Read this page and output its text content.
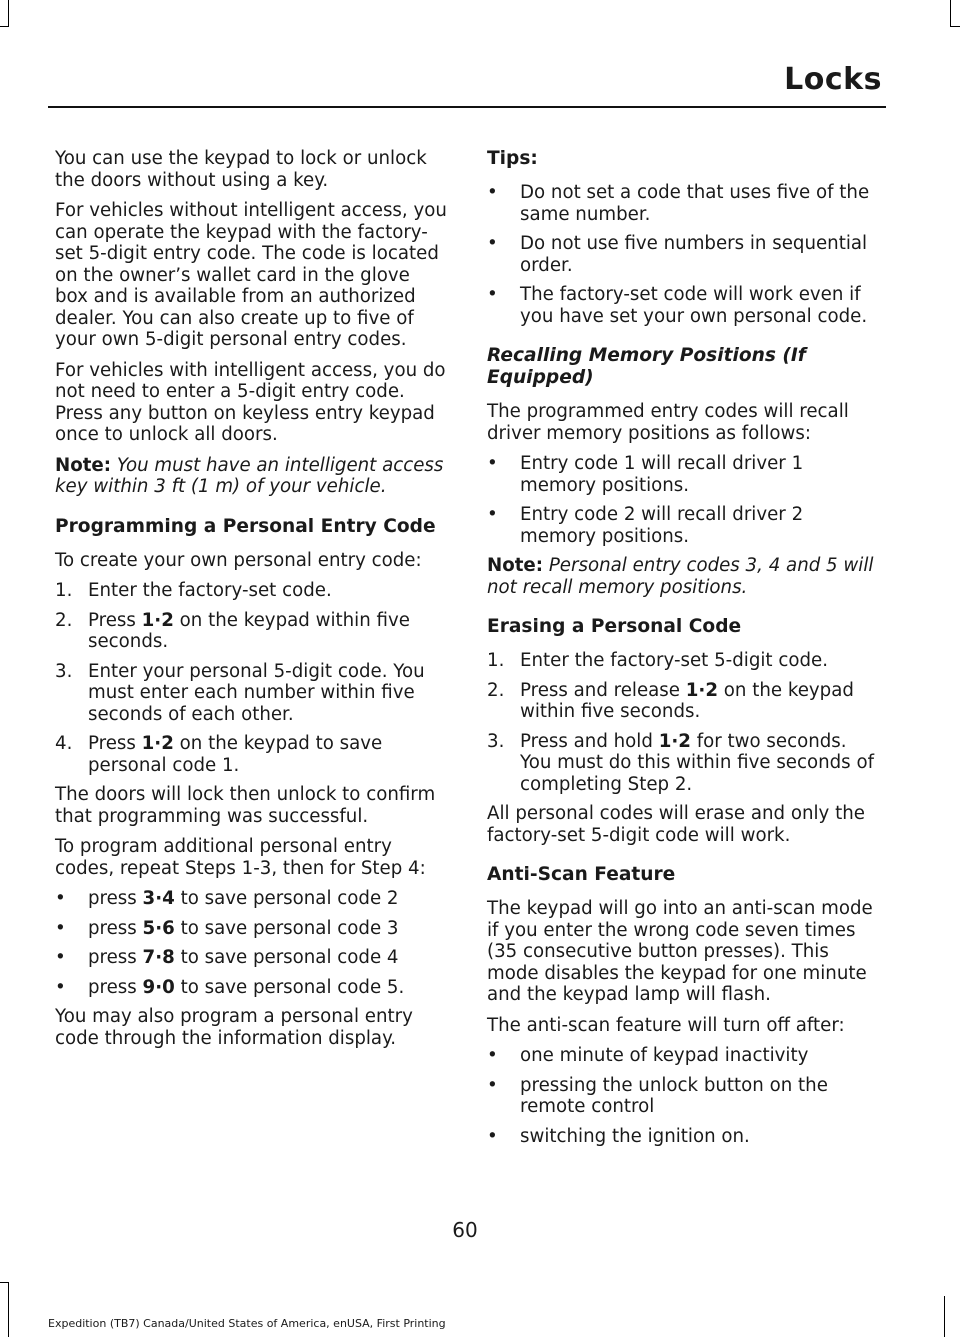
Locks

You can use the keypad to lock or unlock the doors without using a key.

For vehicles without intelligent access, you can operate the keypad with the factory-set 5-digit entry code. The code is located on the owner’s wallet card in the glove box and is available from an authorized dealer. You can also create up to five of your own 5-digit personal entry codes.

For vehicles with intelligent access, you do not need to enter a 5-digit entry code. Press any button on keyless entry keypad once to unlock all doors.

Note: You must have an intelligent access key within 3 ft (1 m) of your vehicle.

Programming a Personal Entry Code

To create your own personal entry code:

1. Enter the factory-set code.
2. Press 1·2 on the keypad within five seconds.
3. Enter your personal 5-digit code. You must enter each number within five seconds of each other.
4. Press 1·2 on the keypad to save personal code 1.

The doors will lock then unlock to confirm that programming was successful.

To program additional personal entry codes, repeat Steps 1-3, then for Step 4:

• press 3·4 to save personal code 2
• press 5·6 to save personal code 3
• press 7·8 to save personal code 4
• press 9·0 to save personal code 5.

You may also program a personal entry code through the information display.

Tips:
• Do not set a code that uses five of the same number.
• Do not use five numbers in sequential order.
• The factory-set code will work even if you have set your own personal code.
Recalling Memory Positions (If Equipped)

The programmed entry codes will recall driver memory positions as follows:

• Entry code 1 will recall driver 1 memory positions.
• Entry code 2 will recall driver 2 memory positions.

Note: Personal entry codes 3, 4 and 5 will not recall memory positions.

Erasing a Personal Code
1. Enter the factory-set 5-digit code.
2. Press and release 1·2 on the keypad within five seconds.
3. Press and hold 1·2 for two seconds. You must do this within five seconds of completing Step 2.

All personal codes will erase and only the factory-set 5-digit code will work.

Anti-Scan Feature

The keypad will go into an anti-scan mode if you enter the wrong code seven times (35 consecutive button presses). This mode disables the keypad for one minute and the keypad lamp will flash.

The anti-scan feature will turn off after:

• one minute of keypad inactivity
• pressing the unlock button on the remote control
• switching the ignition on.
60
Expedition (TB7) Canada/United States of America, enUSA, First Printing
